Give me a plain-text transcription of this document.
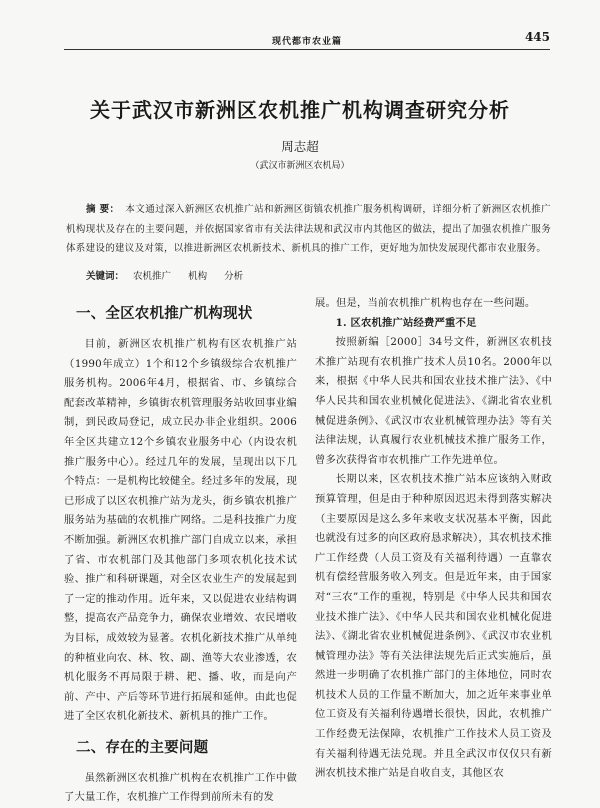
现代都市农业篇	445
关于武汉市新洲区农机推广机构调查研究分析
周志超
（武汉市新洲区农机局）
摘 要： 本文通过深入新洲区农机推广站和新洲区街镇农机推广服务机构调研，详细分析了新洲区农机推广机构现状及存在的主要问题，并依据国家省市有关法律法规和武汉市内其他区的做法，提出了加强农机推广服务体系建设的建议及对策，以推进新洲区农机新技术、新机具的推广工作，更好地为加快发展现代都市农业服务。
关键词： 农机推广 机构 分析
一、全区农机推广机构现状

目前，新洲区农机推广机构有区农机推广站（1990年成立）1个和12个乡镇级综合农机推广服务机构。2006年4月，根据省、市、乡镇综合配套改革精神，乡镇街农机管理服务站收回事业编制，到民政局登记，成立民办非企业组织。2006年全区共建立12个乡镇农业服务中心（内设农机推广服务中心）。经过几年的发展，呈现出以下几个特点：一是机构比较健全。经过多年的发展，现已形成了以区农机推广站为龙头，街乡镇农机推广服务站为基础的农机推广网络。二是科技推广力度不断加强。新洲区农机推广部门自成立以来，承担了省、市农机部门及其他部门多项农机化技术试验、推广和科研课题，对全区农业生产的发展起到了一定的推动作用。近年来，又以促进农业结构调整，提高农产品竞争力，确保农业增效、农民增收为目标，成效较为显著。农机化新技术推广从单纯的种植业向农、林、牧、副、渔等大农业渗透，农机化服务不再局限于耕、耙、播、收，而是向产前、产中、产后等环节进行拓展和延伸。由此也促进了全区农机化新技术、新机具的推广工作。

二、存在的主要问题

虽然新洲区农机推广机构在农机推广工作中做了大量工作，农机推广工作得到前所未有的发

展。但是，当前农机推广机构也存在一些问题。

1. 区农机推广站经费严重不足

按照新编［2000］34号文件，新洲区农机技术推广站现有农机推广技术人员10名。2000年以来，根据《中华人民共和国农业技术推广法》、《中华人民共和国农业机械化促进法》、《湖北省农业机械促进条例》、《武汉市农业机械管理办法》等有关法律法规，认真履行农业机械技术推广服务工作，曾多次获得省市农机推广工作先进单位。

长期以来，区农机技术推广站本应该纳入财政预算管理，但是由于种种原因迟迟未得到落实解决（主要原因是这么多年来收支状况基本平衡，因此也就没有过多的向区政府恳求解决），其农机技术推广工作经费（人员工资及有关福利待遇）一直靠农机有偿经营服务收入列支。但是近年来，由于国家对“三农”工作的重视，特别是《中华人民共和国农业技术推广法》、《中华人民共和国农业机械化促进法》、《湖北省农业机械促进条例》、《武汉市农业机械管理办法》等有关法律法规先后正式实施后，虽然进一步明确了农机推广部门的主体地位，同时农机技术人员的工作量不断加大，加之近年来事业单位工资及有关福利待遇增长很快，因此，农机推广工作经费无法保障，农机推广工作技术人员工资及有关福利待遇无法兑现。并且全武汉市仅仅只有新洲农机技术推广站是自收自支，其他区农
